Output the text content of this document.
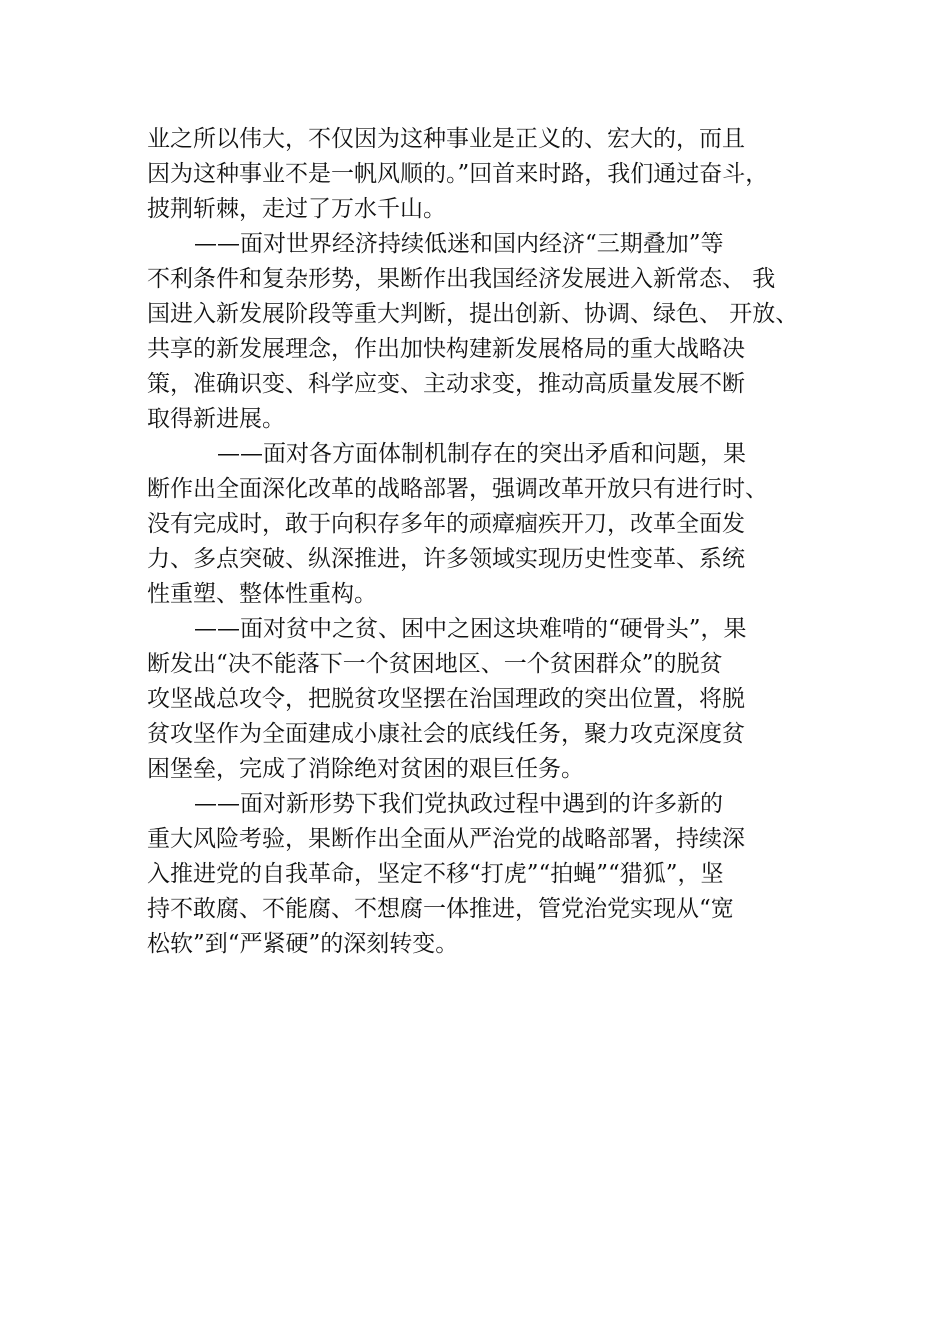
业之所以伟大，不仅因为这种事业是正义的、宏大的，而且
因为这种事业不是一帆风顺的。”回首来时路，我们通过奋斗，
披荆斩棘，走过了万水千山。
——面对世界经济持续低迷和国内经济“三期叠加”等
不利条件和复杂形势，果断作出我国经济发展进入新常态、 我
国进入新发展阶段等重大判断，提出创新、协调、绿色、 开放、
共享的新发展理念，作出加快构建新发展格局的重大战略决
策，准确识变、科学应变、主动求变，推动高质量发展不断
取得新进展。
——面对各方面体制机制存在的突出矛盾和问题，果
断作出全面深化改革的战略部署，强调改革开放只有进行时、
没有完成时，敢于向积存多年的顽瘴痼疾开刀，改革全面发
力、多点突破、纵深推进，许多领域实现历史性变革、系统
性重塑、整体性重构。
——面对贫中之贫、困中之困这块难啃的“硬骨头”，果
断发出“决不能落下一个贫困地区、一个贫困群众”的脱贫
攻坚战总攻令，把脱贫攻坚摆在治国理政的突出位置，将脱
贫攻坚作为全面建成小康社会的底线任务，聚力攻克深度贫
困堡垒，完成了消除绝对贫困的艰巨任务。
——面对新形势下我们党执政过程中遇到的许多新的
重大风险考验，果断作出全面从严治党的战略部署，持续深
入推进党的自我革命，坚定不移“打虎”“拍蝇”“猎狐”，坚
持不敢腐、不能腐、不想腐一体推进，管党治党实现从“宽
松软”到“严紧硬”的深刻转变。
